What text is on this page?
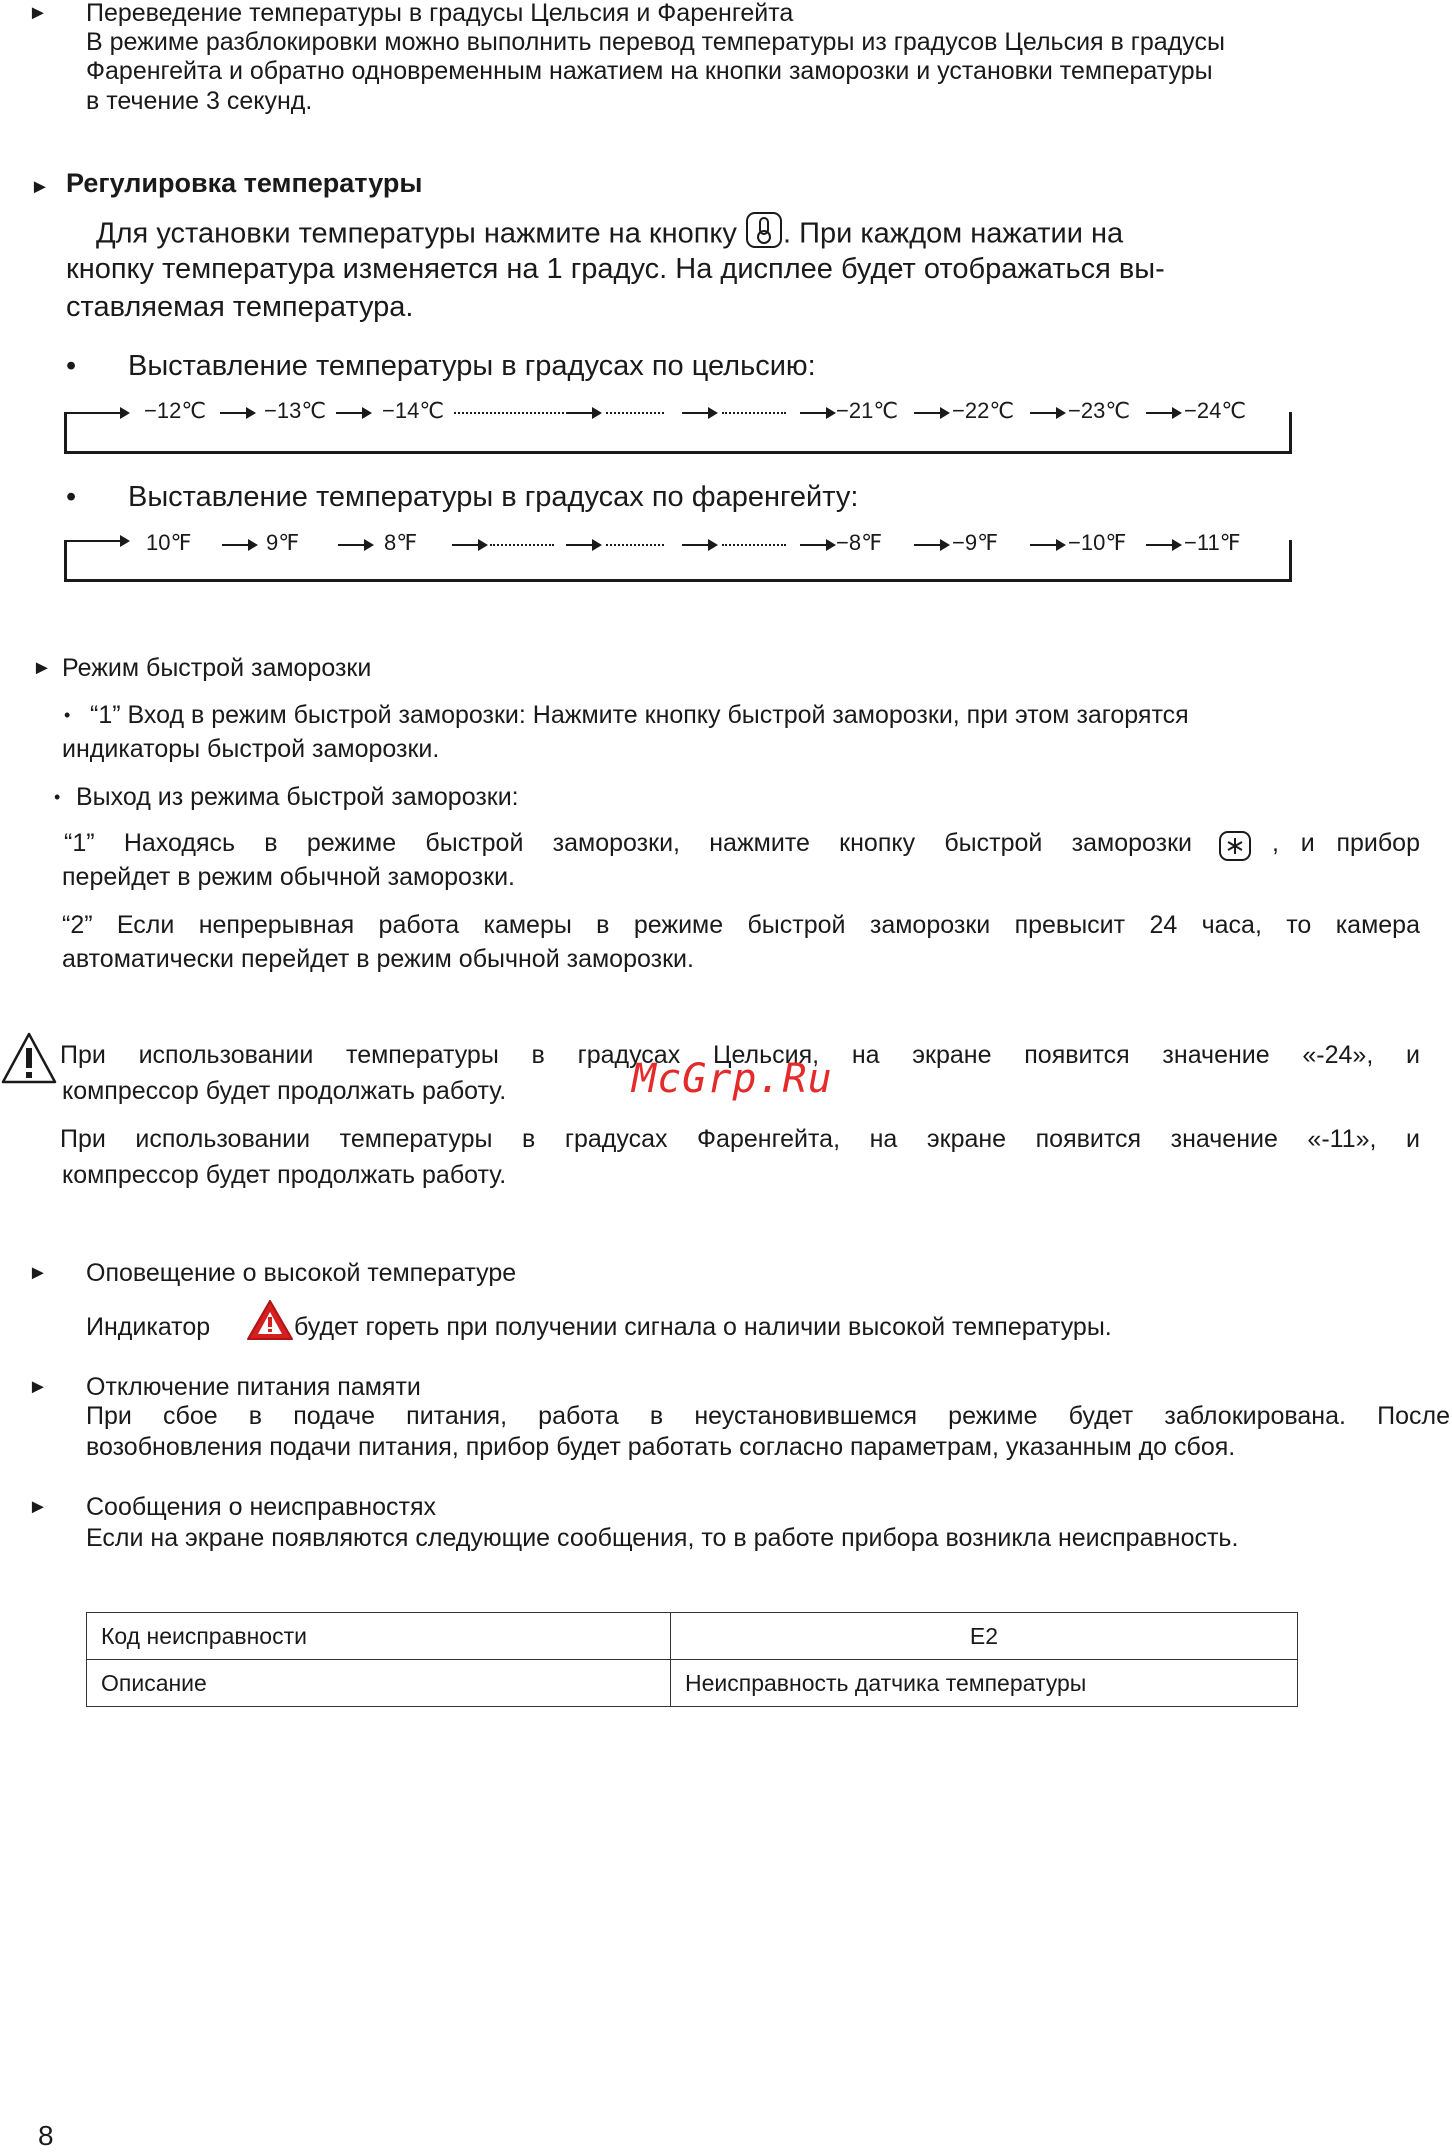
► Переведение температуры в градусы Цельсия и Фаренгейта
В режиме разблокировки можно выполнить перевод температуры из градусов Цельсия в градусы
Фаренгейта и обратно одновременным нажатием на кнопки заморозки и установки температуры
в течение 3 секунд.
► Регулировка температуры
Для установки температуры нажмите на кнопку . При каждом нажатии на
кнопку температура изменяется на 1 градус. На дисплее будет отображаться вы-
ставляемая температура.
• Выставление температуры в градусах по цельсию:
−12℃	−13℃	−14℃	−21℃ −22℃ −23℃ −24℃
• Выставление температуры в градусах по фаренгейту:
10℉	9℉	8℉	−8℉	−9℉	−10℉	−11℉
► Режим быстрой заморозки
• “1” Вход в режим быстрой заморозки: Нажмите кнопку быстрой заморозки, при этом загорятся
индикаторы быстрой заморозки.
• Выход из режима быстрой заморозки:
“1” Находясь в режиме быстрой заморозки, нажмите кнопку быстрой заморозки	, и прибор
перейдет в режим обычной заморозки.
“2” Если непрерывная работа камеры в режиме быстрой заморозки превысит 24 часа, то камера
автоматически перейдет в режим обычной заморозки.
При использовании температуры в градусах Цельсия, на экране появится значение «-24», и
компрессор будет продолжать работу.
При использовании температуры в градусах Фаренгейта, на экране появится значение «-11», и
компрессор будет продолжать работу.
McGrp.Ru
► Оповещение о высокой температуре
Индикатор	будет гореть при получении сигнала о наличии высокой температуры.
► Отключение питания памяти
При сбое в подаче питания, работа в неустановившемся режиме будет заблокирована. После
возобновления подачи питания, прибор будет работать согласно параметрам, указанным до сбоя.
► Сообщения о неисправностях
Если на экране появляются следующие сообщения, то в работе прибора возникла неисправность.
Код неисправности	E2
Описание	Неисправность датчика температуры
8
